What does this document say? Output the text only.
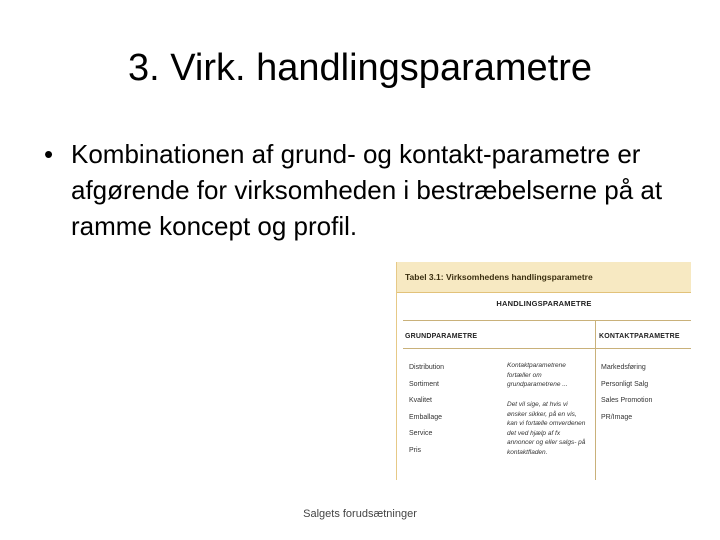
3. Virk. handlingsparametre
• Kombinationen af grund- og kontakt-parametre er afgørende for virksomheden i bestræbelserne på at ramme koncept og profil.
Tabel 3.1: Virksomhedens handlingsparametre
HANDLINGSPARAMETRE
GRUNDPARAMETRE	KONTAKTPARAMETRE
Distribution
Sortiment
Kvalitet
Emballage
Service
Pris
Kontaktparametrene fortæller om grundparametrene ...
Det vil sige, at hvis vi ønsker sikker, på en vis, kan vi fortælle omverdenen det ved hjælp af fx annoncer og eller salgs- på kontaktfladen.
Markedsføring
Personligt Salg
Sales Promotion
PR/Image
Salgets forudsætninger
